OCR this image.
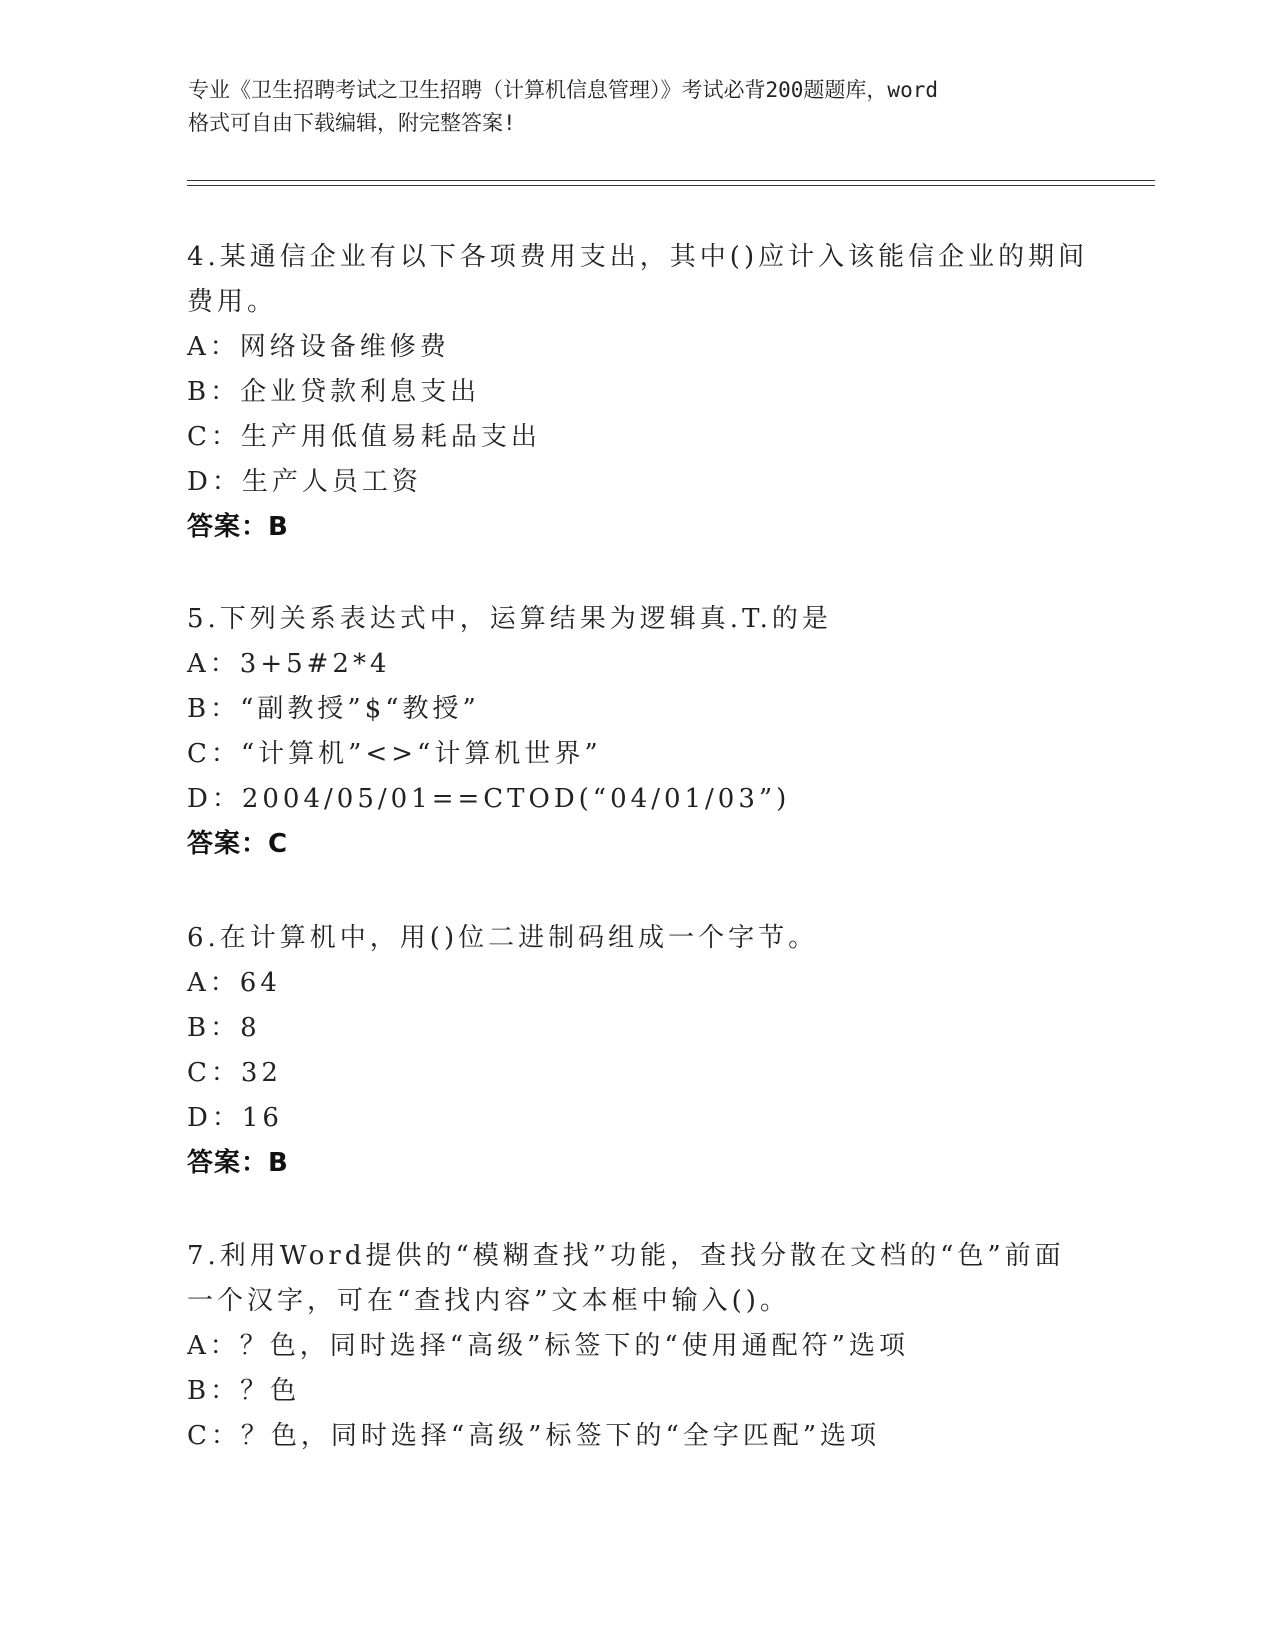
专业《卫生招聘考试之卫生招聘（计算机信息管理）》考试必背200题题库，word
格式可自由下载编辑，附完整答案!
4.某通信企业有以下各项费用支出，其中()应计入该能信企业的期间
费用。
A：网络设备维修费
B：企业贷款利息支出
C：生产用低值易耗品支出
D：生产人员工资
答案：B
5.下列关系表达式中，运算结果为逻辑真.T.的是
A：3+5#2*4
B：“副教授”$“教授”
C：“计算机”<>“计算机世界”
D：2004/05/01==CTOD(“04/01/03”)
答案：C
6.在计算机中，用()位二进制码组成一个字节。
A：64
B：8
C：32
D：16
答案：B
7.利用Word提供的“模糊查找”功能，查找分散在文档的“色”前面
一个汉字，可在“查找内容”文本框中输入()。
A：？色，同时选择“高级”标签下的“使用通配符”选项
B：？色
C：？色，同时选择“高级”标签下的“全字匹配”选项
